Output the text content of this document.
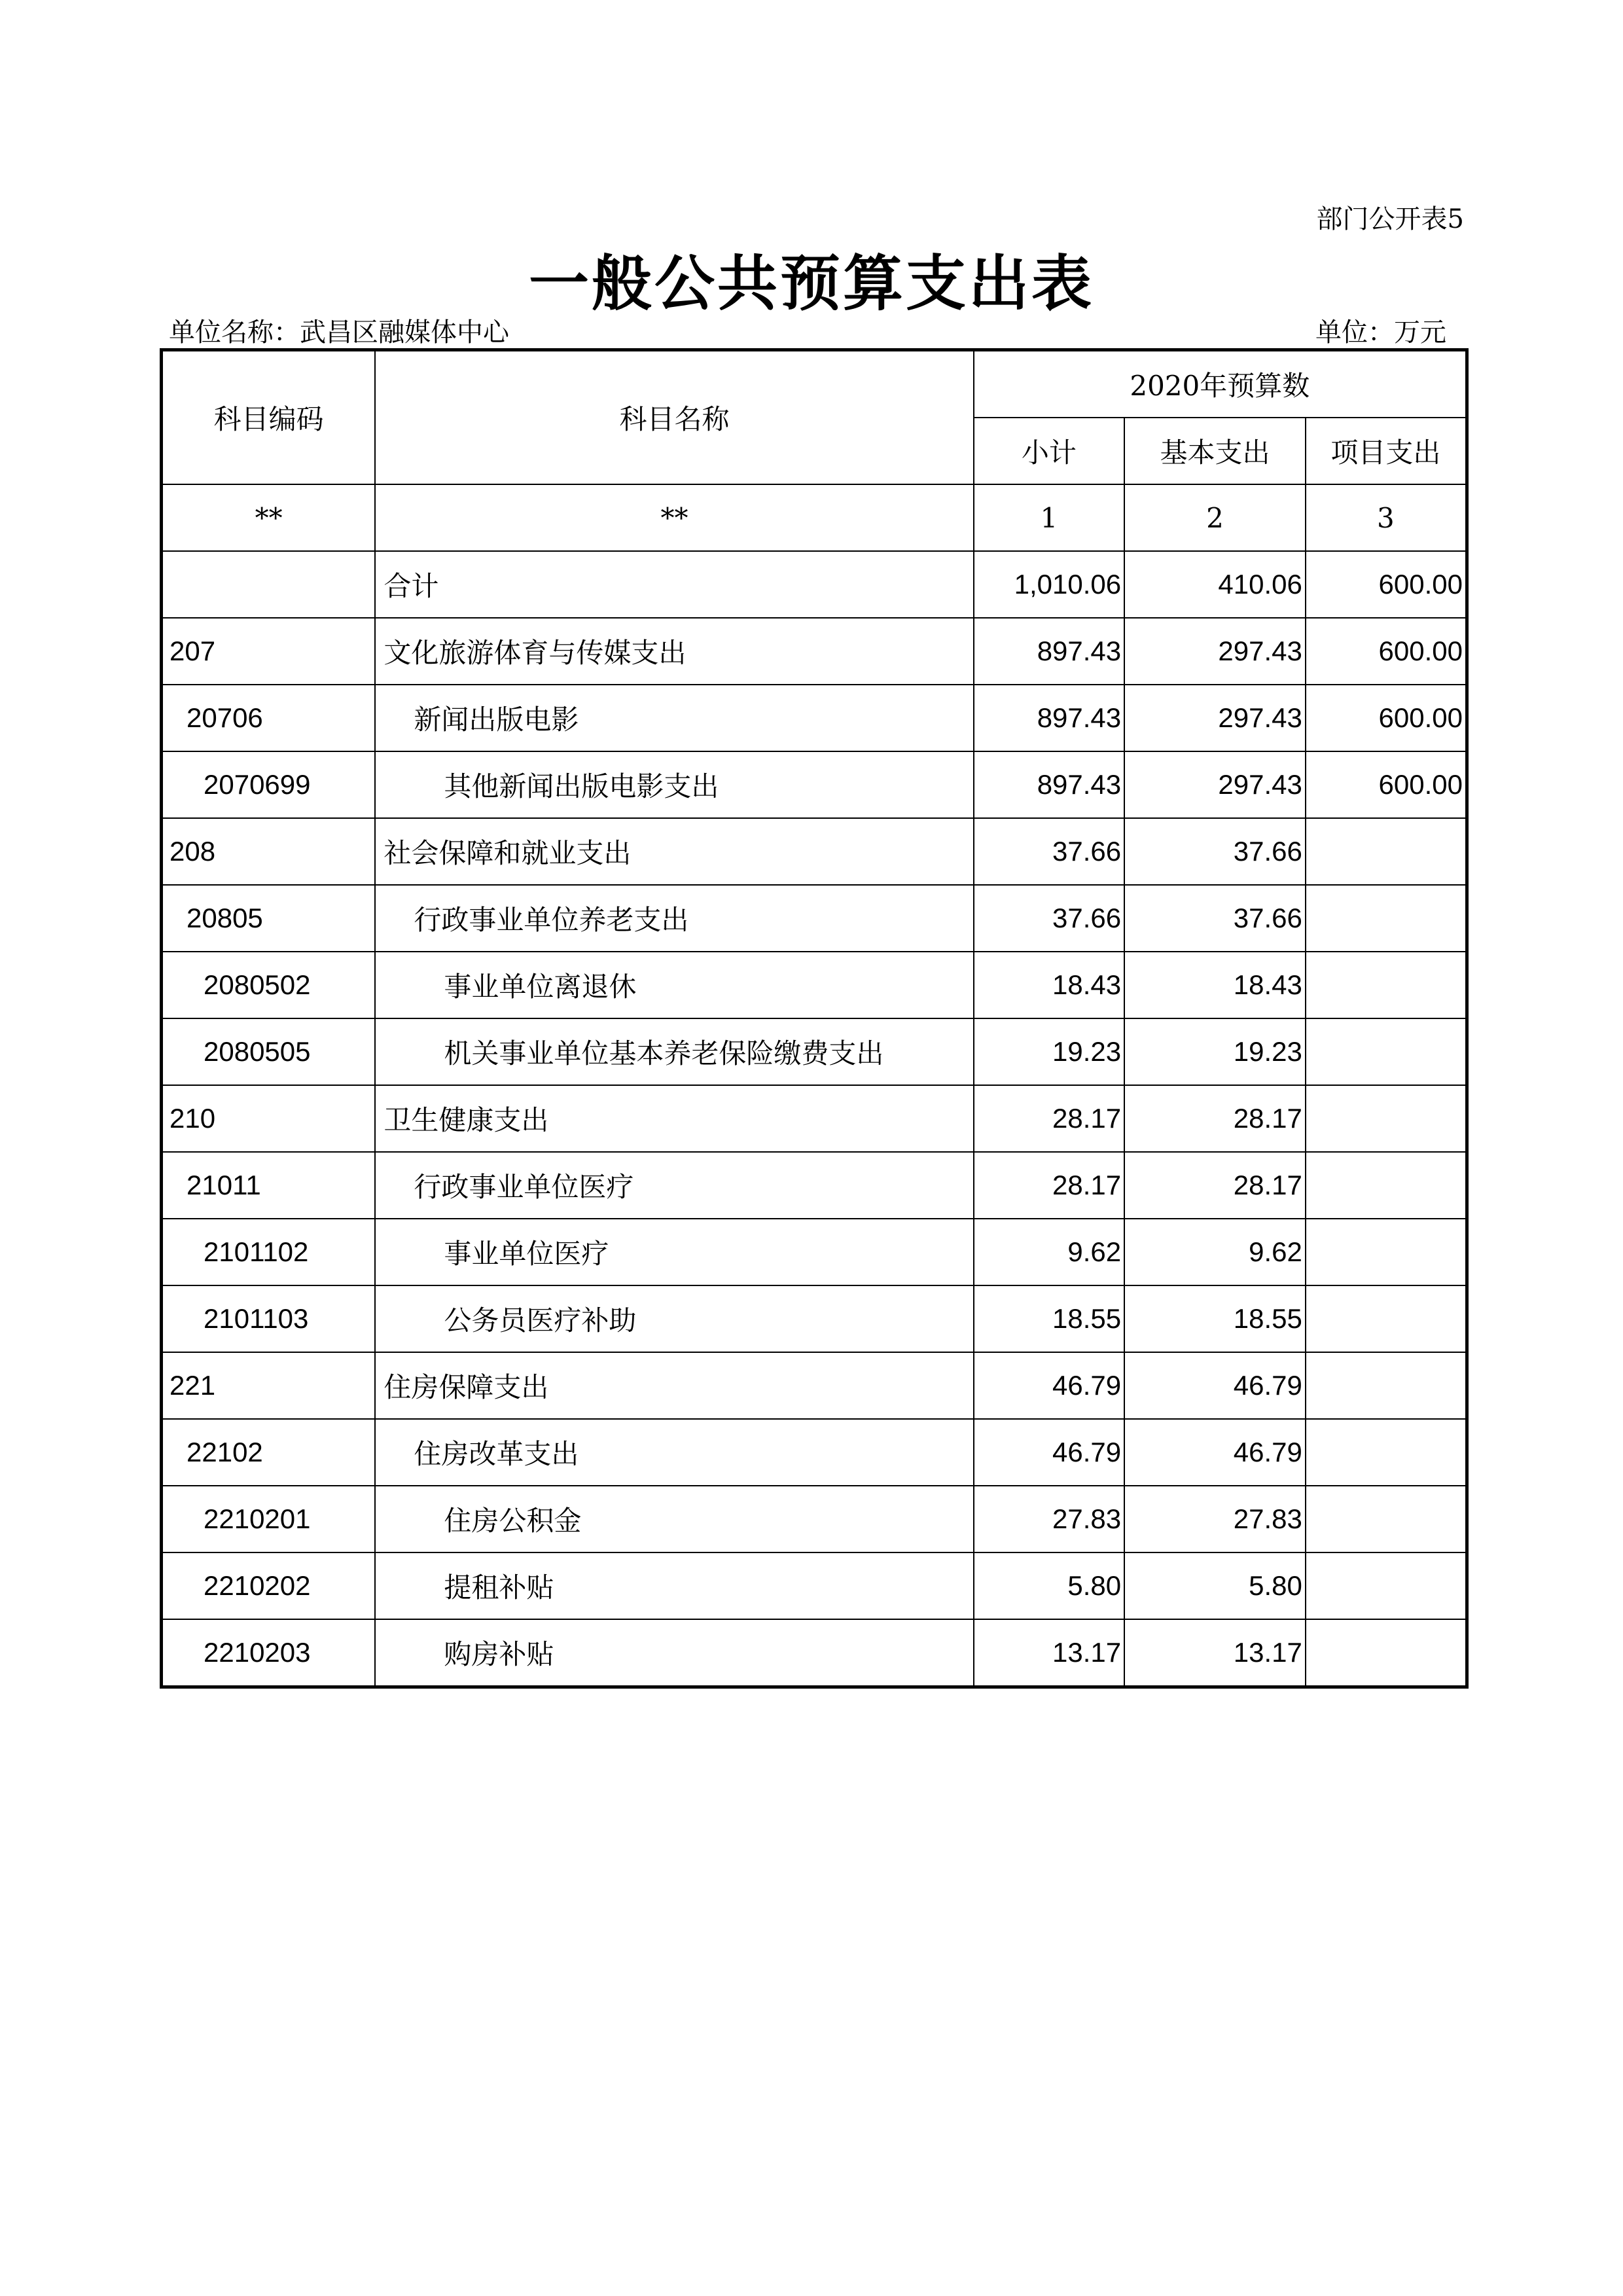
部门公开表5
一般公共预算支出表
单位名称：武昌区融媒体中心	单位：万元
科目编码	科目名称	2020年预算数		
		小计	基本支出	项目支出
**	**	1	2	3
	合计	1,010.06	410.06	600.00
207	文化旅游体育与传媒支出	897.43	297.43	600.00
20706	新闻出版电影	897.43	297.43	600.00
2070699	其他新闻出版电影支出	897.43	297.43	600.00
208	社会保障和就业支出	37.66	37.66	
20805	行政事业单位养老支出	37.66	37.66	
2080502	事业单位离退休	18.43	18.43	
2080505	机关事业单位基本养老保险缴费支出	19.23	19.23	
210	卫生健康支出	28.17	28.17	
21011	行政事业单位医疗	28.17	28.17	
2101102	事业单位医疗	9.62	9.62	
2101103	公务员医疗补助	18.55	18.55	
221	住房保障支出	46.79	46.79	
22102	住房改革支出	46.79	46.79	
2210201	住房公积金	27.83	27.83	
2210202	提租补贴	5.80	5.80	
2210203	购房补贴	13.17	13.17	
